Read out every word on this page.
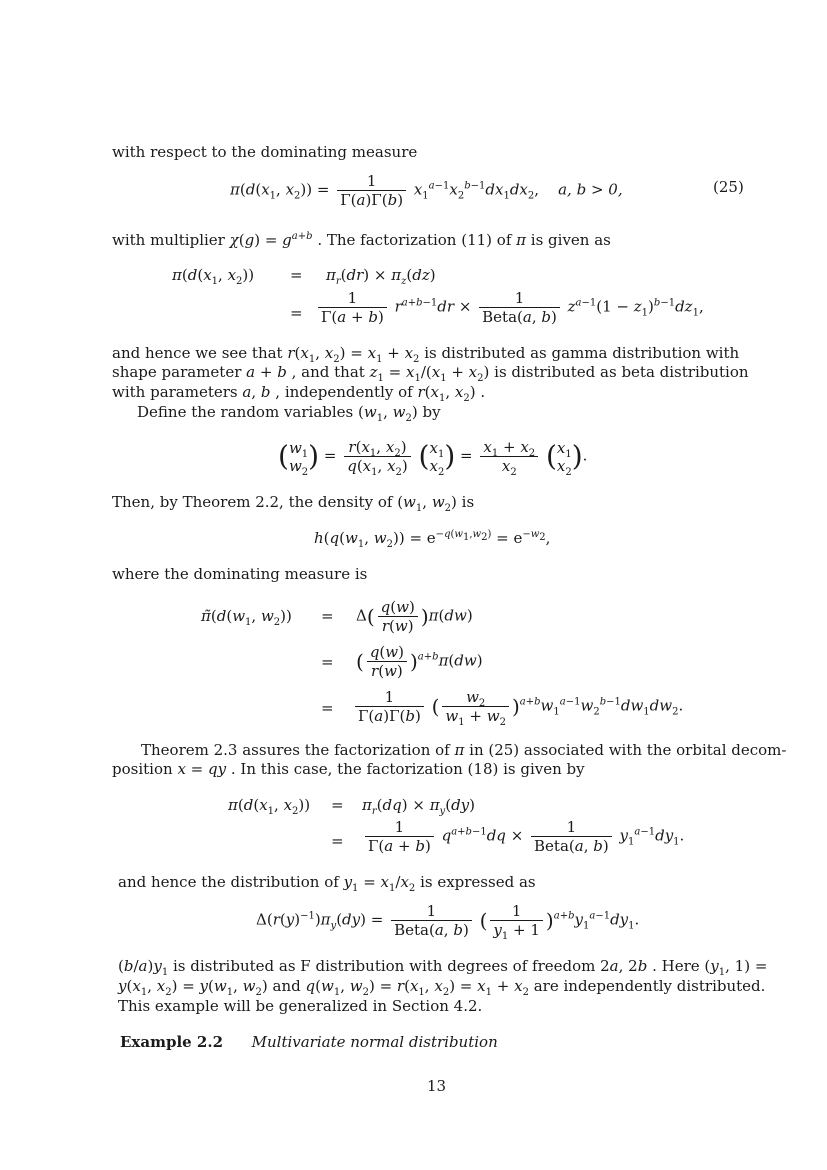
with respect to the dominating measure
$\pi(d(x_1$, $x_2)) = \frac{1}{\Gamma(a)\Gamma(b)} x_1^{a-1}x_2^{b-1}dx_1dx_2$,    a, b > 0,	(25)
with multiplier $\chi(g) = g^{a+b}$ . The factorization (11) of π is given as
$\pi(d(x_1$, $x_2)) = \pi_r(dr) \times \pi_z(dz)$
= $\frac{1}{\Gamma(a + b)} r^{a+b-1}dr \times \frac{1}{\text{Beta(a, b)}} z^{a-1}(1 - z_1)^{b-1}dz_1$,
and hence we see that $r(x_1$, $x_2) = x_1 + x_2$ is distributed as gamma distribution with
shape parameter a + b , and that $z_1 = x_1/(x_1 + x_2)$ is distributed as beta distribution
with parameters a, b , independently of $r(x_1$, $x_2$) .
Define the random variables ($w_1$, $w_2$) by
($w_1$
$w_2) = \frac{r(x_1, x_2)}{q(x_1, x_2)} (x_1$
$x_2) = \frac{x_1 + x_2}{x_2} (x_1$
$x_2$).
Then, by Theorem 2.2, the density of ($w_1$, $w_2$) is
$h(q(w_1$, $w_2)) = e^{-q(w_1,w_2)} = e^{-w_2}$,
where the dominating measure is
$\pĩ(d(w_1$, $w_2)) = \Delta( \frac{q(w)}{r(w)} )\pi(dw)$
= ( $\frac{q(w)}{r(w)} )^{a+b}\pi(dw)$
= $\frac{1}{\Gamma(a)\Gamma(b)}$ ( $\frac{w_2}{w_1 + w_2} )^{a+b}w_1^{a-1}w_2^{b-1}dw_1dw_2$.
Theorem 2.3 assures the factorization of π in (25) associated with the orbital decom-
position x = qy . In this case, the factorization (18) is given by
$\pi(d(x_1$, $x_2)) = \pi_r(dq) \times \pi_y(dy)$
= $\frac{1}{\Gamma(a + b)} q^{a+b-1}dq \times \frac{1}{\text{Beta(a, b)}} y_1^{a-1}dy_1$.
and hence the distribution of $y_1 = x_1/x_2$ is expressed as
$\Delta(r(y)^{-1})\pi_y(dy) = \frac{1}{\text{Beta(a, b)}}$ ( $\frac{1}{y_1 + 1} )^{a+b}y_1^{a-1}dy_1$.
$(b/a)y_1$ is distributed as F distribution with degrees of freedom 2a, 2b . Here ($y_1$, 1) =
$y(x_1$, $x_2) = y(w_1$, $w_2$) and $q(w_1$, $w_2) = r(x_1$, $x_2) = x_1 + x_2$ are independently distributed.
This example will be generalized in Section 4.2.
Example 2.2 Multivariate normal distribution
13
